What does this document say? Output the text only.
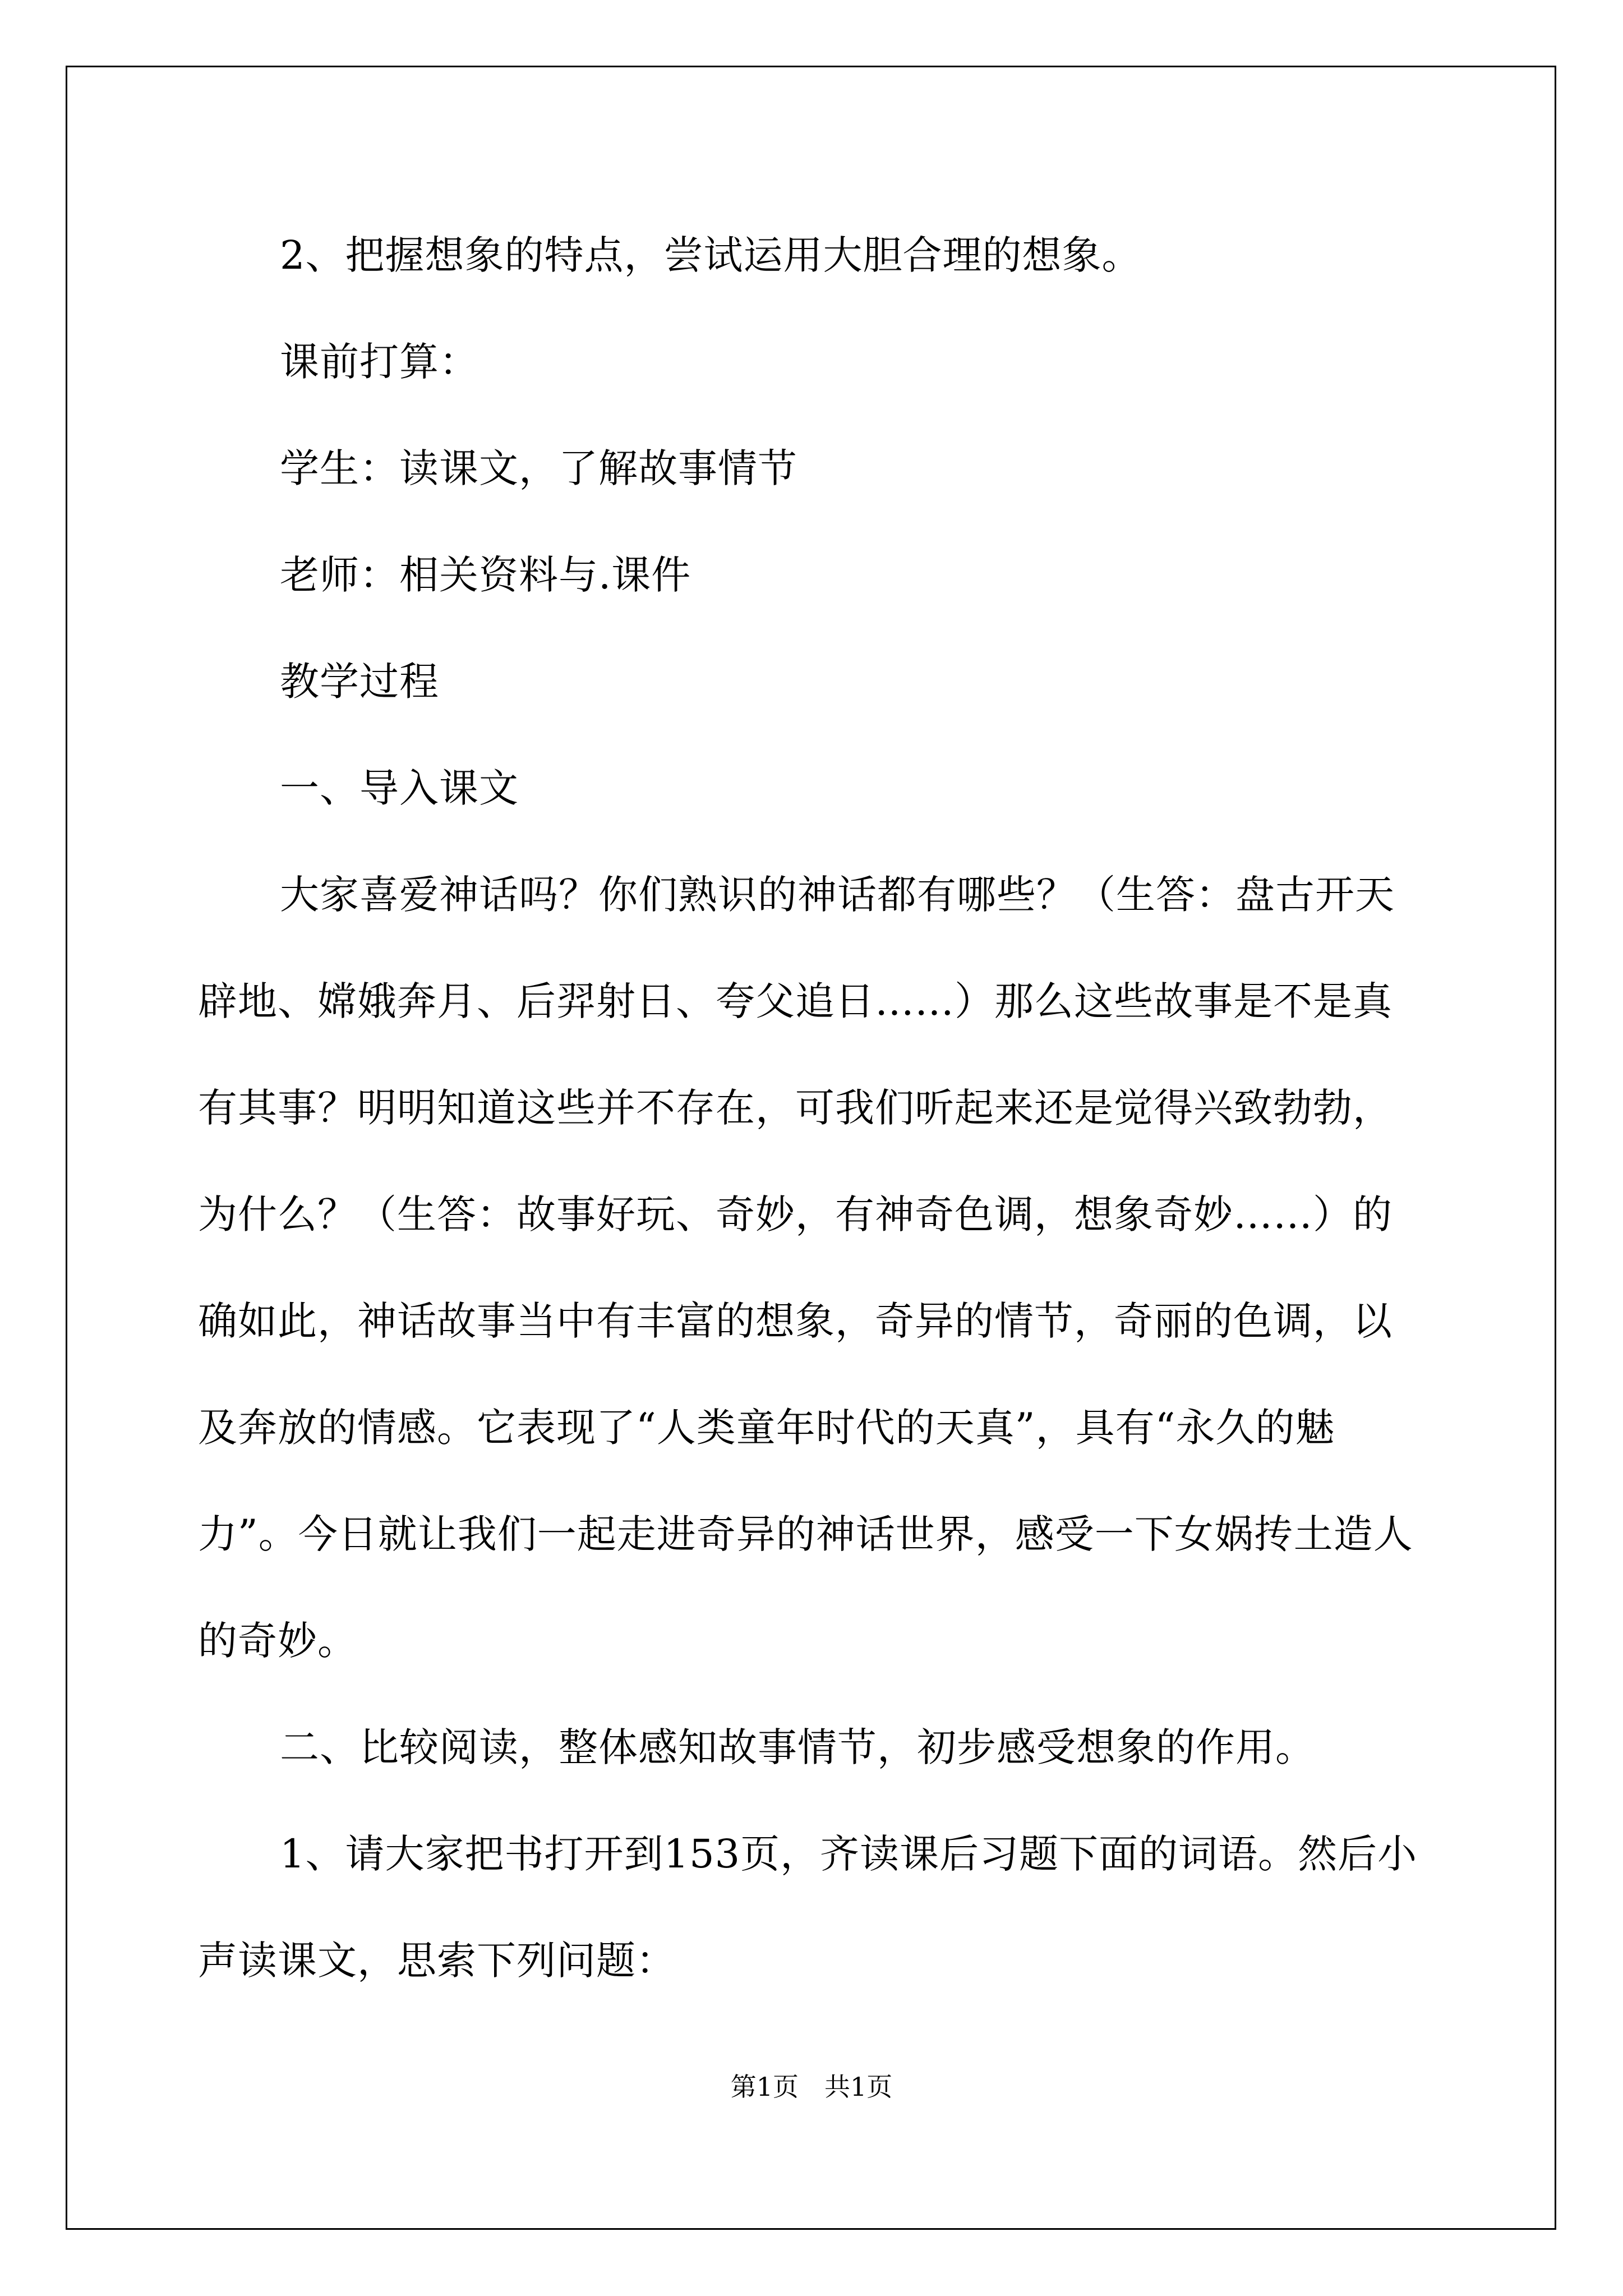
2、把握想象的特点，尝试运用大胆合理的想象。

课前打算：

学生：读课文，了解故事情节

老师：相关资料与.课件

教学过程

一、导入课文

大家喜爱神话吗？你们熟识的神话都有哪些？（生答：盘古开天辟地、嫦娥奔月、后羿射日、夸父追日……）那么这些故事是不是真有其事？明明知道这些并不存在，可我们听起来还是觉得兴致勃勃，为什么？（生答：故事好玩、奇妙，有神奇色调，想象奇妙……）的确如此，神话故事当中有丰富的想象，奇异的情节，奇丽的色调，以及奔放的情感。它表现了“人类童年时代的天真”，具有“永久的魅力”。今日就让我们一起走进奇异的神话世界，感受一下女娲抟土造人的奇妙。

二、比较阅读，整体感知故事情节，初步感受想象的作用。

1、请大家把书打开到153页，齐读课后习题下面的词语。然后小声读课文，思索下列问题：

第1页　共1页
